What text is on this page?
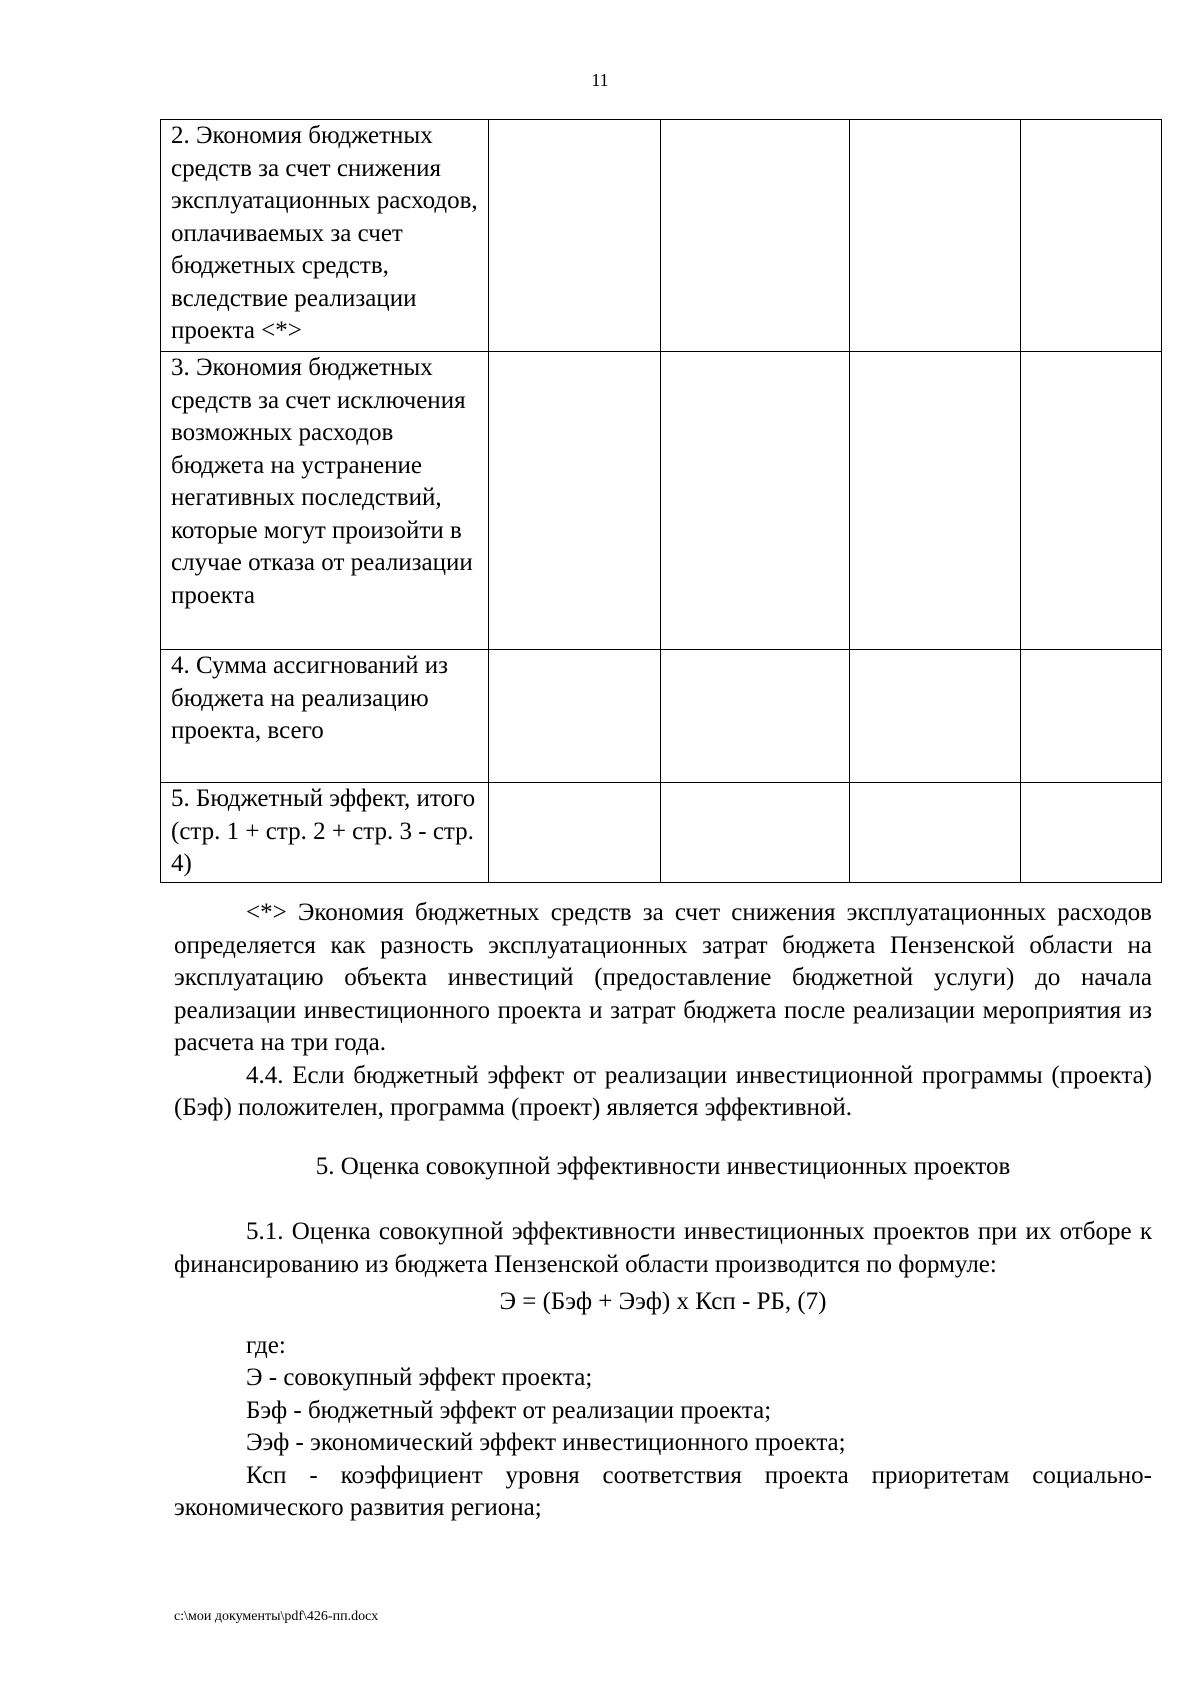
11
2. Экономия бюджетных средств за счет снижения эксплуатационных расходов, оплачиваемых за счет бюджетных средств, вследствие реализации проекта <*>				
3. Экономия бюджетных средств за счет исключения возможных расходов бюджета на устранение негативных последствий, которые могут произойти в случае отказа от реализации проекта				
4. Сумма ассигнований из бюджета на реализацию проекта, всего				
5. Бюджетный эффект, итого (стр. 1 + стр. 2 + стр. 3 - стр. 4)				

<*> Экономия бюджетных средств за счет снижения эксплуатационных расходов определяется как разность эксплуатационных затрат бюджета Пензенской области на эксплуатацию объекта инвестиций (предоставление бюджетной услуги) до начала реализации инвестиционного проекта и затрат бюджета после реализации мероприятия из расчета на три года.

4.4. Если бюджетный эффект от реализации инвестиционной программы (проекта) (Бэф) положителен, программа (проект) является эффективной.

5. Оценка совокупной эффективности инвестиционных проектов

5.1. Оценка совокупной эффективности инвестиционных проектов при их отборе к финансированию из бюджета Пензенской области производится по формуле:

Э = (Бэф + Ээф) х Ксп - РБ, (7)

где:

Э - совокупный эффект проекта;

Бэф - бюджетный эффект от реализации проекта;

Ээф - экономический эффект инвестиционного проекта;

Ксп - коэффициент уровня соответствия проекта приоритетам социально-экономического развития региона;

c:\мои документы\pdf\426-пп.docx
